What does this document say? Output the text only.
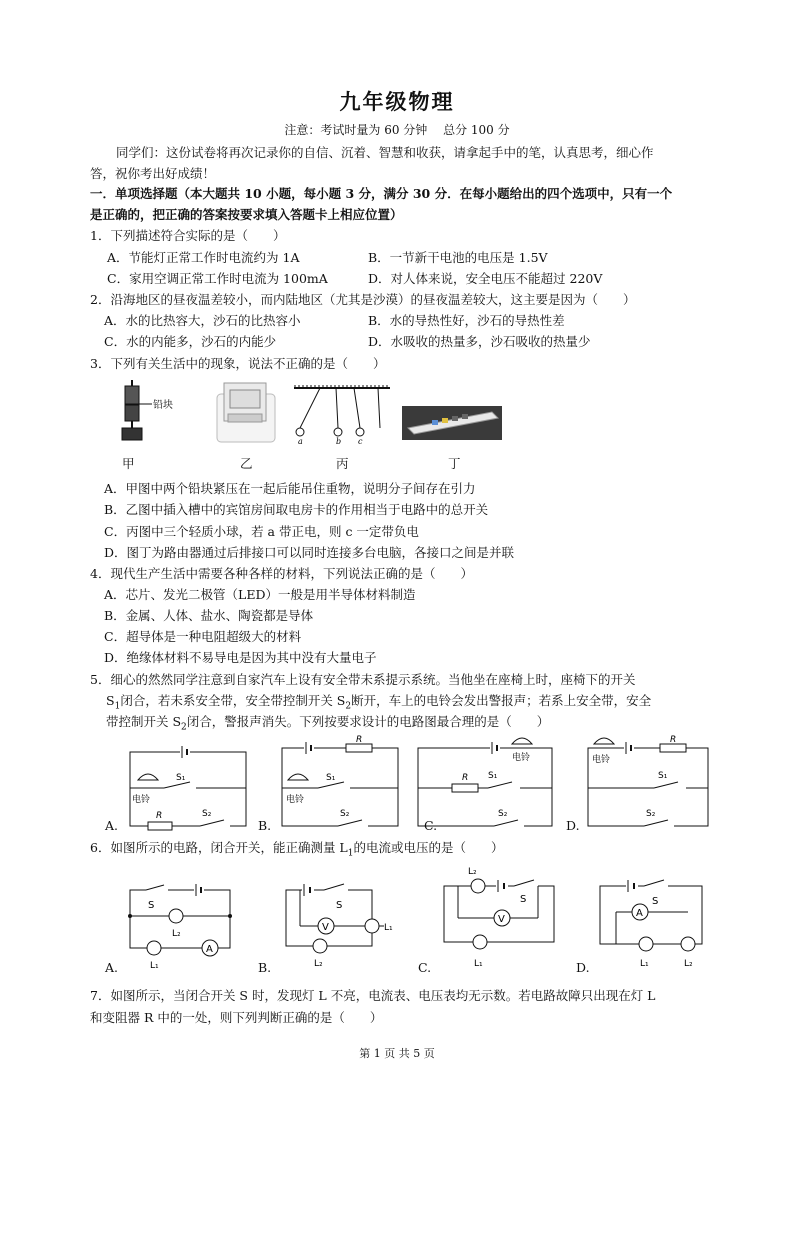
九年级物理
注意：考试时量为 60 分钟　 总分 100 分
同学们：这份试卷将再次记录你的自信、沉着、智慧和收获，请拿起手中的笔，认真思考，细心作
答，祝你考出好成绩！
一．单项选择题（本大题共 10 小题，每小题 3 分，满分 30 分．在每小题给出的四个选项中，只有一个
是正确的，把正确的答案按要求填入答题卡上相应位置）
1．下列描述符合实际的是（　　）
A．节能灯正常工作时电流约为 1A	B．一节新干电池的电压是 1.5V
C．家用空调正常工作时电流为 100mA	D．对人体来说，安全电压不能超过 220V
2．沿海地区的昼夜温差较小，而内陆地区（尤其是沙漠）的昼夜温差较大，这主要是因为（　　）
A．水的比热容大，沙石的比热容小	B．水的导热性好，沙石的导热性差
C．水的内能多，沙石的内能少	D．水吸收的热量多，沙石吸收的热量少
3．下列有关生活中的现象，说法不正确的是（　　）
铅块
a	b c
甲	乙	丙	丁
A．甲图中两个铅块紧压在一起后能吊住重物，说明分子间存在引力
B．乙图中插入槽中的宾馆房间取电房卡的作用相当于电路中的总开关
C．丙图中三个轻质小球，若 a 带正电，则 c 一定带负电
D．图丁为路由器通过后排接口可以同时连接多台电脑，各接口之间是并联
4．现代生产生活中需要各种各样的材料，下列说法正确的是（　　）
A．芯片、发光二极管（LED）一般是用半导体材料制造
B．金属、人体、盐水、陶瓷都是导体
C．超导体是一种电阻超级大的材料
D．绝缘体材料不易导电是因为其中没有大量电子
5．细心的然然同学注意到自家汽车上设有安全带未系提示系统。当他坐在座椅上时，座椅下的开关
$S_1$闭合，若未系安全带，安全带控制开关 $S_2$断开，车上的电铃会发出警报声；若系上安全带，安全
带控制开关 $S_2$闭合，警报声消失。下列按要求设计的电路图最合理的是（　　）
S₁
电铃
R	S₂
A.
R
S₁
电铃
S₂
B.
电铃
R S₁
S₂
C.
电铃
R
S₁
S₂
D.
6．如图所示的电路，闭合开关，能正确测量 $L_1$的电流或电压的是（　　）
S
L₂
L₁
A
A.
S
V	L₁
L₂
B.
L₂
S
V
L₁
C.
S
A
L₁	L₂
D.
7．如图所示，当闭合开关 S 时，发现灯 L 不亮，电流表、电压表均无示数。若电路故障只出现在灯 L
和变阻器 R 中的一处，则下列判断正确的是（　　）
第 1 页 共 5 页
